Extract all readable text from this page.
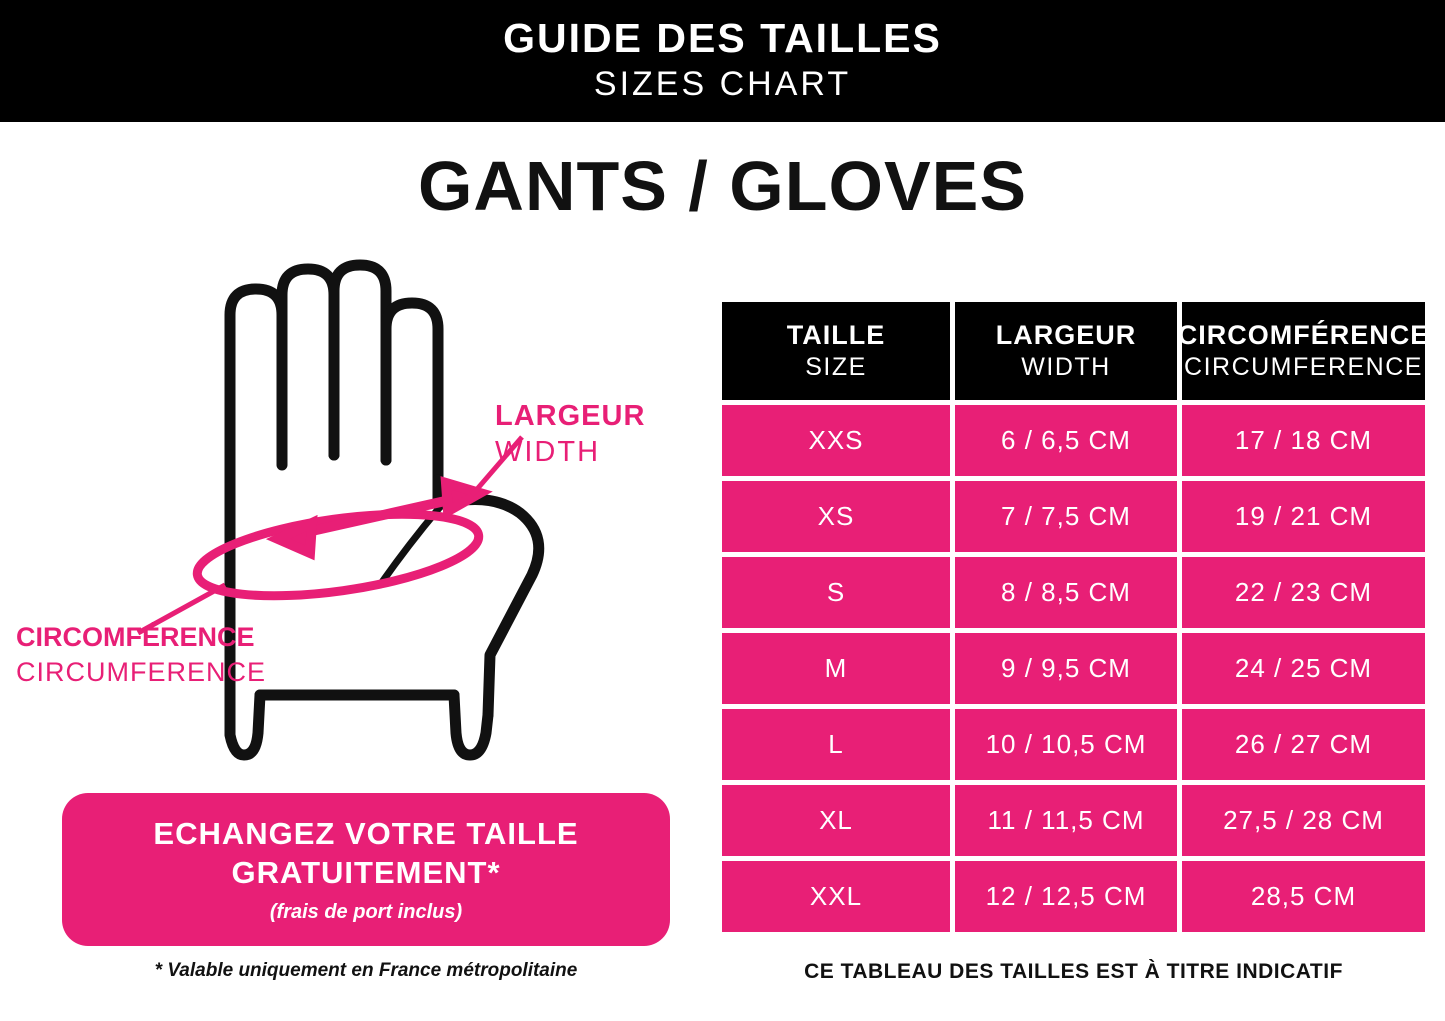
GUIDE DES TAILLES
SIZES CHART
GANTS / GLOVES
LARGEUR
WIDTH
CIRCOMFÉRENCE
CIRCUMFERENCE
ECHANGEZ VOTRE TAILLE GRATUITEMENT*
(frais de port inclus)
* Valable uniquement en France métropolitaine
TAILLE
SIZE
LARGEUR
WIDTH
CIRCOMFÉRENCE
CIRCUMFERENCE
XXS	6 / 6,5 CM	17 / 18 CM
XS	7 / 7,5 CM	19 / 21 CM
S	8 / 8,5 CM	22 / 23 CM
M	9 / 9,5 CM	24 / 25 CM
L	10 / 10,5 CM	26 / 27 CM
XL	11 / 11,5 CM	27,5 / 28 CM
XXL	12 / 12,5 CM	28,5 CM
CE TABLEAU DES TAILLES EST À TITRE INDICATIF
